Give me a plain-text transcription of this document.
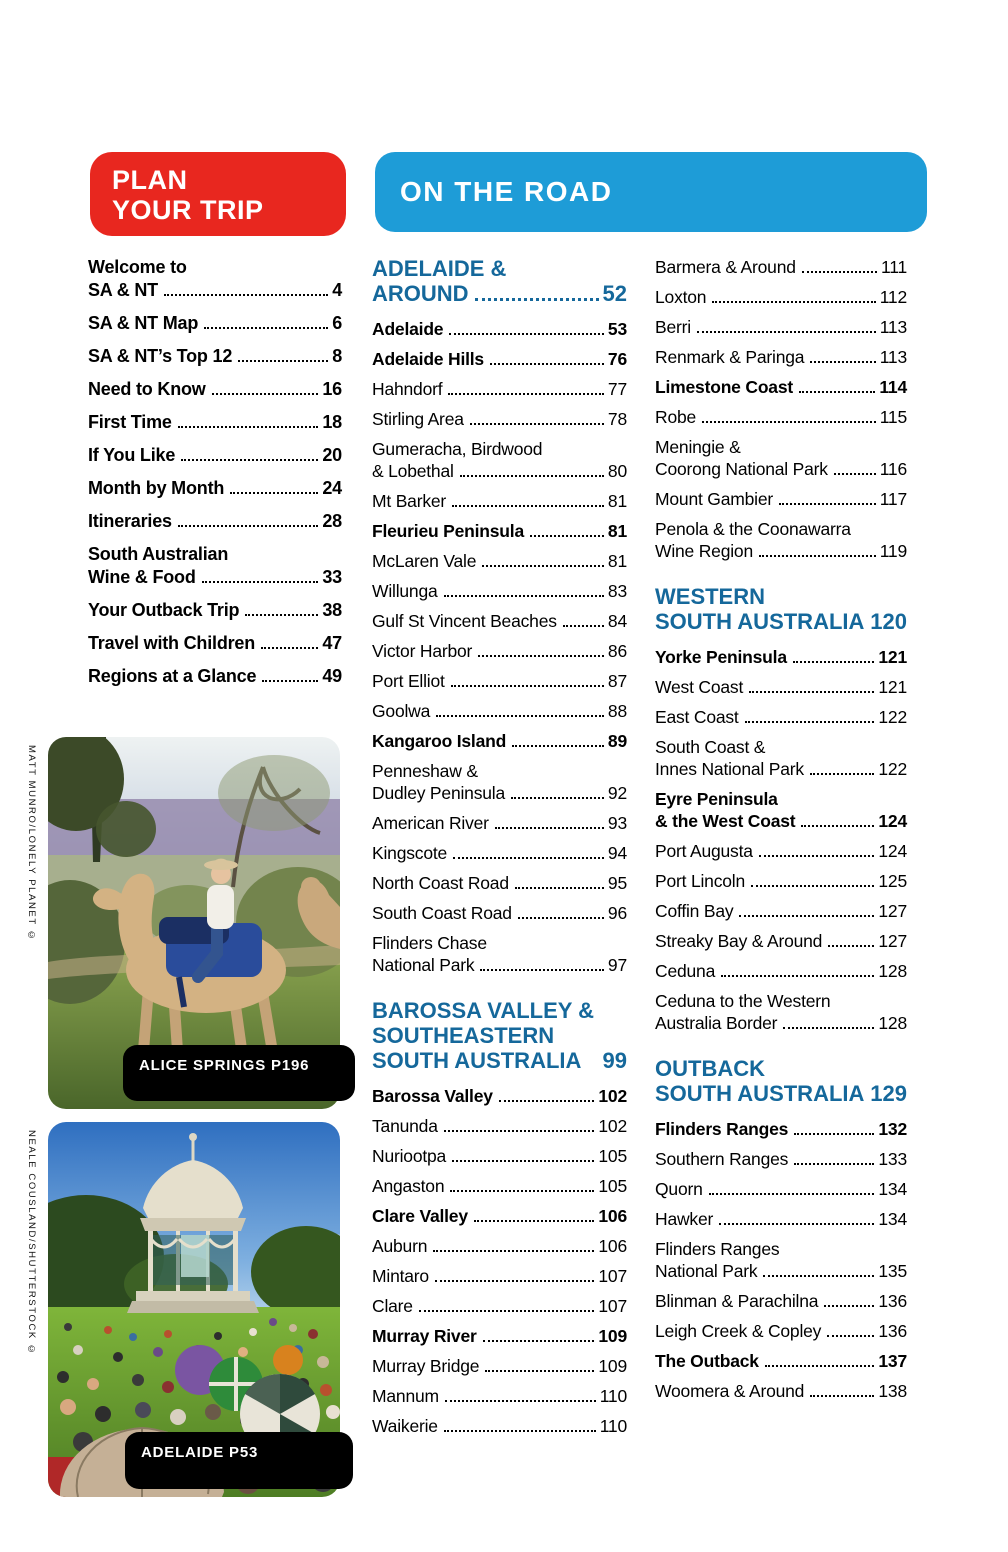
PLAN
YOUR TRIP
ON THE ROAD
Welcome to
SA & NT	4
SA & NT Map	6
SA & NT’s Top 12	8
Need to Know	16
First Time	18
If You Like	20
Month by Month	24
Itineraries	28
South Australian
Wine & Food	33
Your Outback Trip	38
Travel with Children	47
Regions at a Glance	49
ADELAIDE &
AROUND	52
Adelaide	53
Adelaide Hills	76
Hahndorf	77
Stirling Area	78
Gumeracha, Birdwood
& Lobethal	80
Mt Barker	81
Fleurieu Peninsula	81
McLaren Vale	81
Willunga	83
Gulf St Vincent Beaches	84
Victor Harbor	86
Port Elliot	87
Goolwa	88
Kangaroo Island	89
Penneshaw &
Dudley Peninsula	92
American River	93
Kingscote	94
North Coast Road	95
South Coast Road	96
Flinders Chase
National Park	97
BAROSSA VALLEY &
SOUTHEASTERN
SOUTH AUSTRALIA 99
Barossa Valley	102
Tanunda	102
Nuriootpa	105
Angaston	105
Clare Valley	106
Auburn	106
Mintaro	107
Clare	107
Murray River	109
Murray Bridge	109
Mannum	110
Waikerie	110
Barmera & Around	111
Loxton	112
Berri	113
Renmark & Paringa	113
Limestone Coast	114
Robe	115
Meningie &
Coorong National Park	116
Mount Gambier	117
Penola & the Coonawarra
Wine Region	119
WESTERN
SOUTH AUSTRALIA 120
Yorke Peninsula	121
West Coast	121
East Coast	122
South Coast &
Innes National Park	122
Eyre Peninsula
& the West Coast	124
Port Augusta	124
Port Lincoln	125
Coffin Bay	127
Streaky Bay & Around	127
Ceduna	128
Ceduna to the Western
Australia Border	128
OUTBACK
SOUTH AUSTRALIA 129
Flinders Ranges	132
Southern Ranges	133
Quorn	134
Hawker	134
Flinders Ranges
National Park	135
Blinman & Parachilna	136
Leigh Creek & Copley	136
The Outback	137
Woomera & Around	138
ALICE SPRINGS P196
MATT MUNRO/LONELY PLANET ©
ADELAIDE P53
NEALE COUSLAND/SHUTTERSTOCK ©
